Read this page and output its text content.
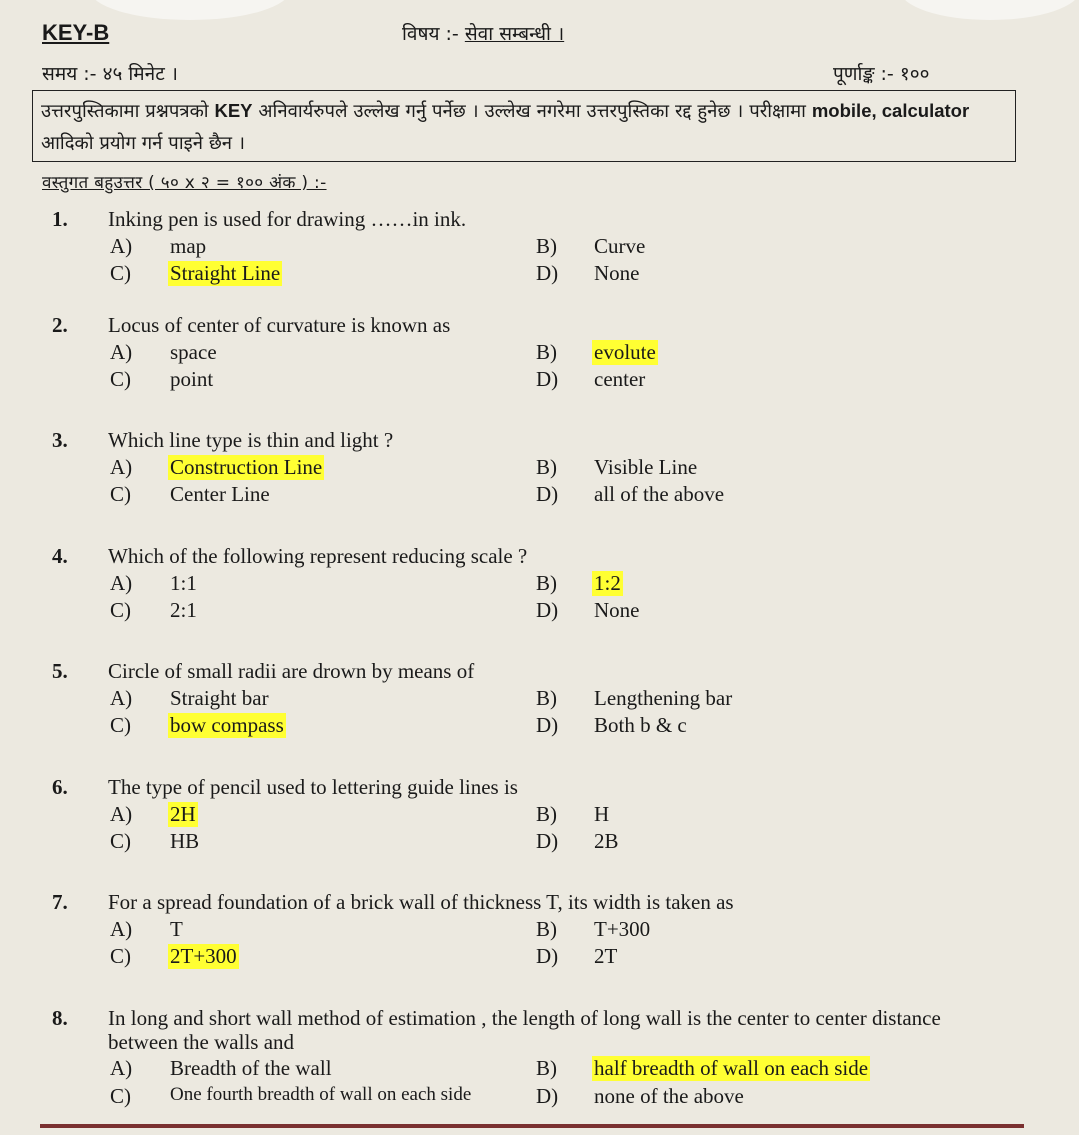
KEY-B	विषय :- सेवा सम्बन्धी ।
समय :- ४५ मिनेट ।	पूर्णाङ्क :- १००
उत्तरपुस्तिकामा प्रश्नपत्रको KEY अनिवार्यरुपले उल्लेख गर्नु पर्नेछ । उल्लेख नगरेमा उत्तरपुस्तिका रद्द हुनेछ । परीक्षामा mobile, calculator आदिको प्रयोग गर्न पाइने छैन ।
वस्तुगत बहुउत्तर ( ५० x २ = १०० अंक ) :-
1. Inking pen is used for drawing ……in ink.
A) map	B) Curve
C) Straight Line	D) None
2. Locus of center of curvature is known as
A) space	B) evolute
C) point	D) center
3. Which line type is thin and light ?
A) Construction Line	B) Visible Line
C) Center Line	D) all of the above
4. Which of the following represent reducing scale ?
A) 1:1	B) 1:2
C) 2:1	D) None
5. Circle of small radii are drown by means of
A) Straight bar	B) Lengthening bar
C) bow compass	D) Both b & c
6. The type of pencil used to lettering guide lines is
A) 2H	B) H
C) HB	D) 2B
7. For a spread foundation of a brick wall of thickness T, its width is taken as
A) T	B) T+300
C) 2T+300	D) 2T
8. In long and short wall method of estimation , the length of long wall is the center to center distance between the walls and
A) Breadth of the wall	B) half breadth of wall on each side
C) One fourth breadth of wall on each side	D) none of the above
